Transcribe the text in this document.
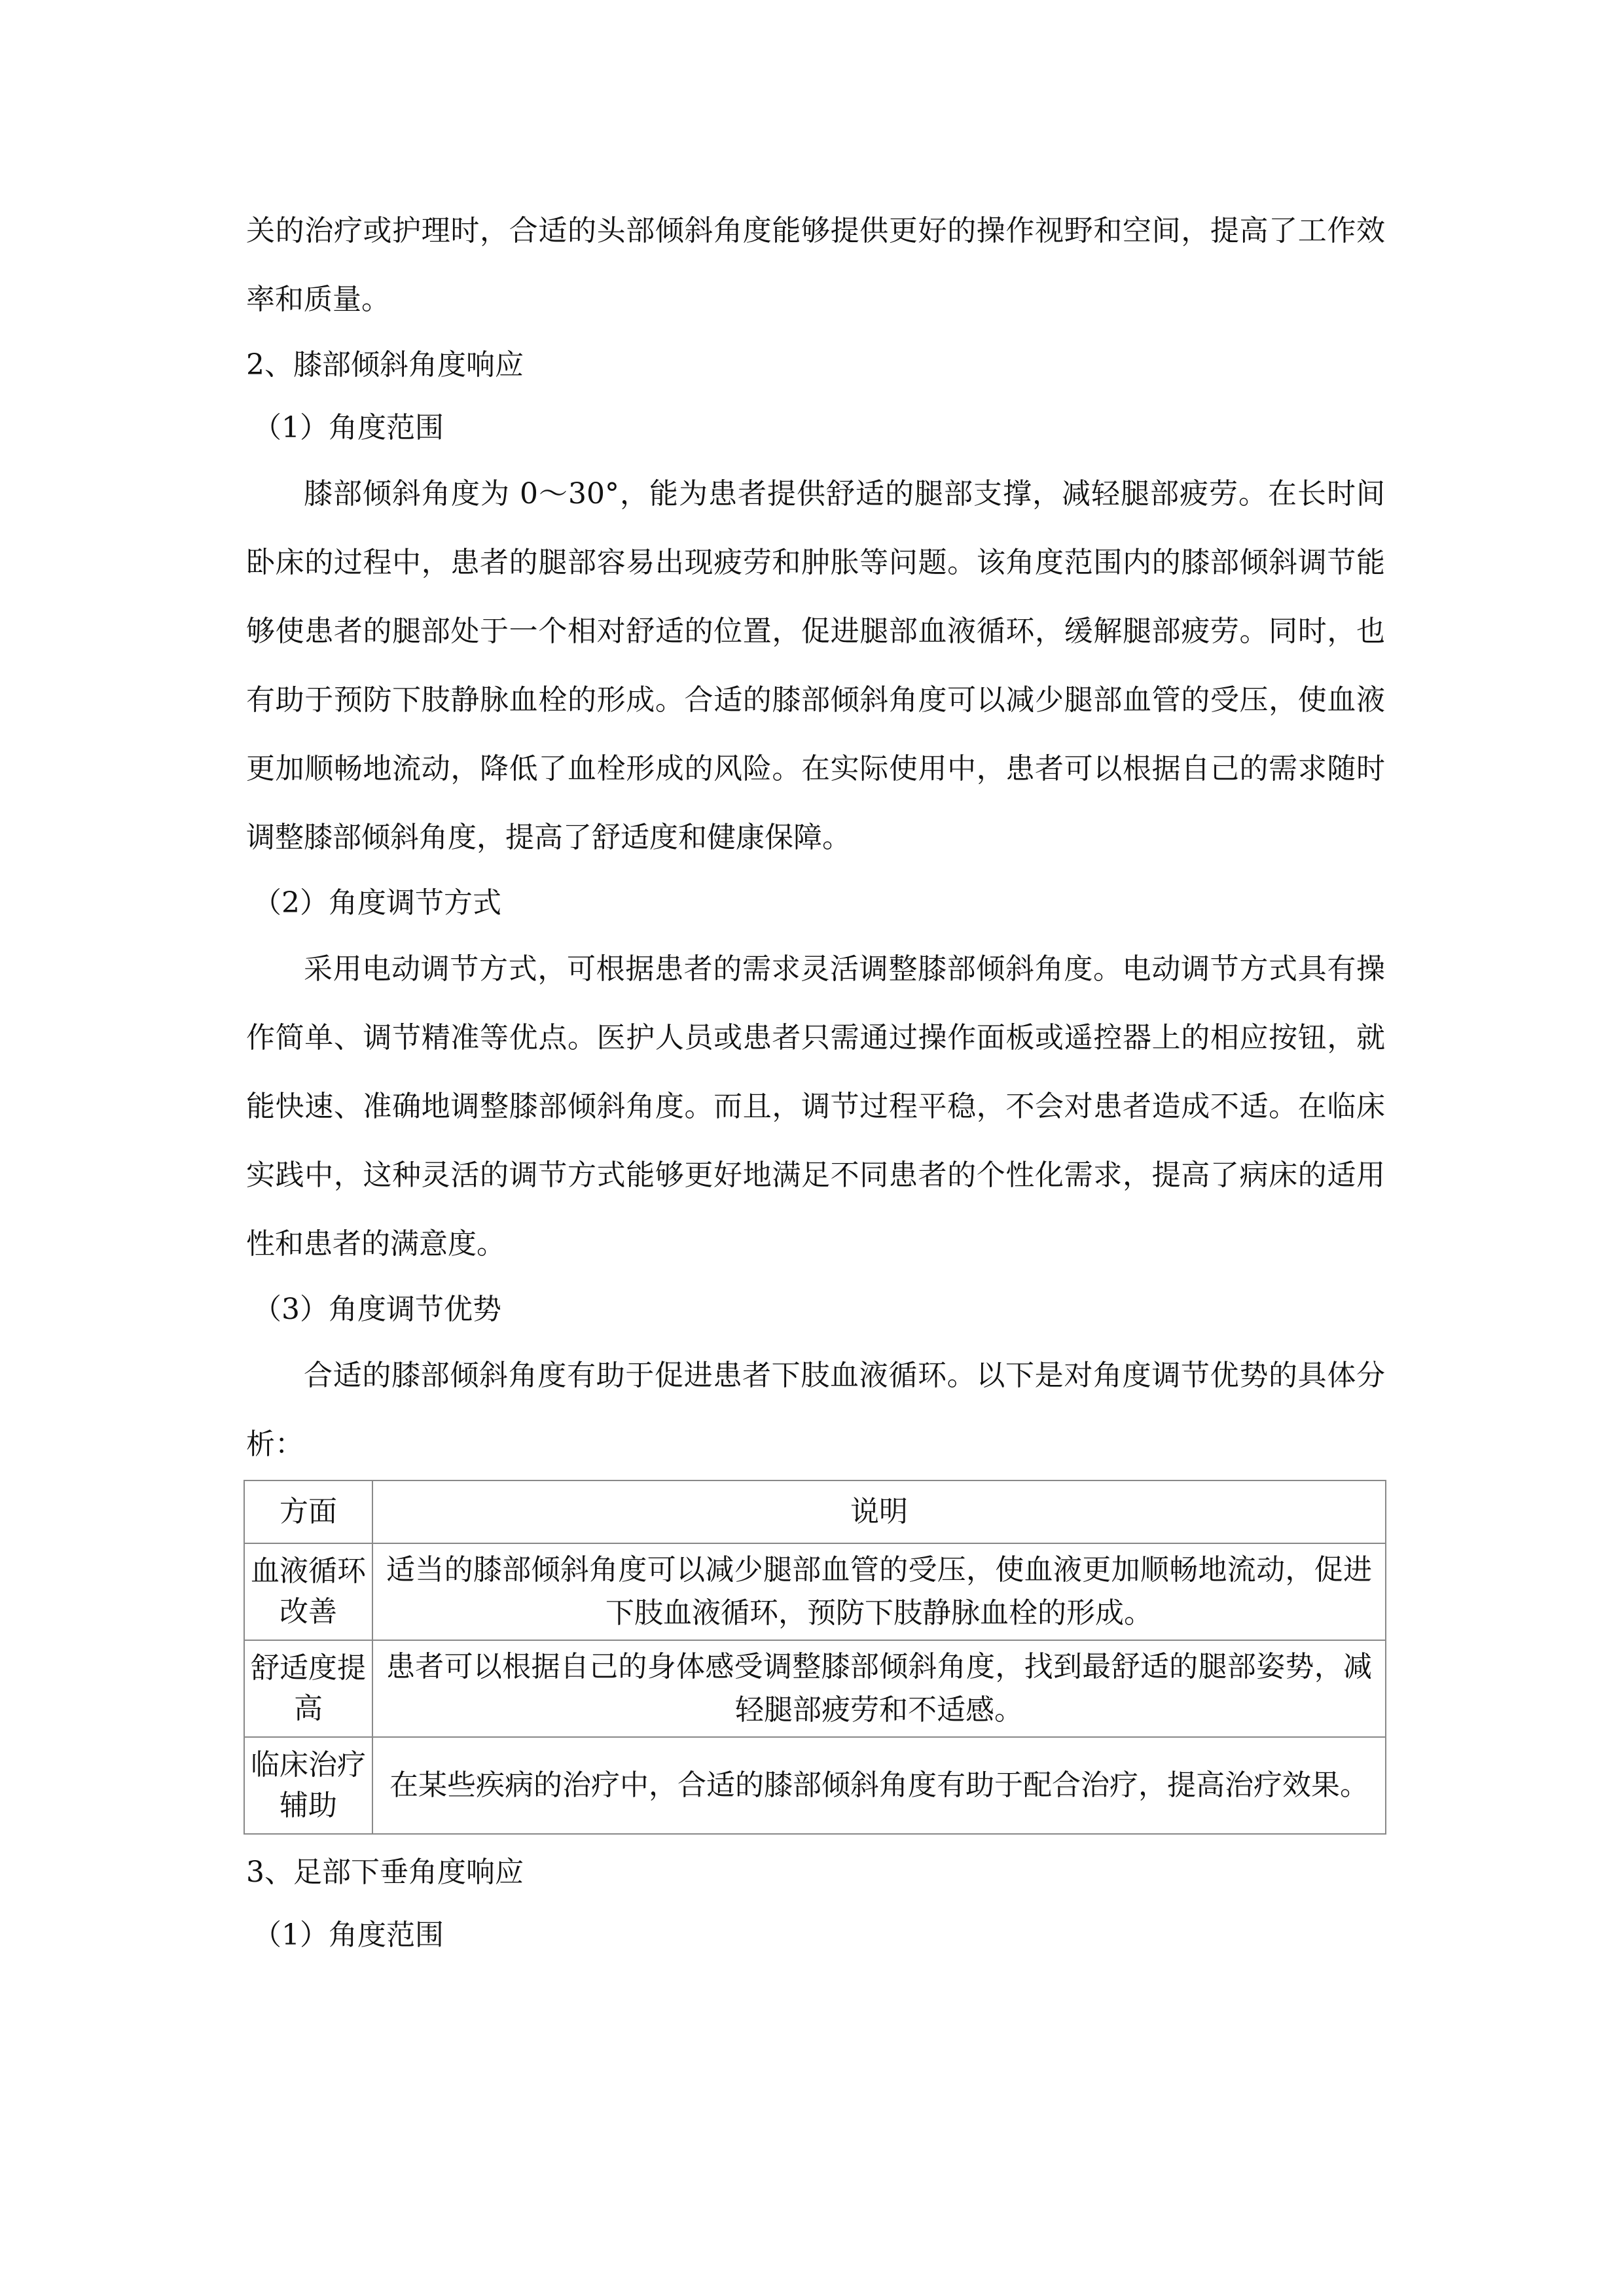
关的治疗或护理时，合适的头部倾斜角度能够提供更好的操作视野和空间，提高了工作效率和质量。

2、膝部倾斜角度响应

（1）角度范围

膝部倾斜角度为 0～30°，能为患者提供舒适的腿部支撑，减轻腿部疲劳。在长时间卧床的过程中，患者的腿部容易出现疲劳和肿胀等问题。该角度范围内的膝部倾斜调节能够使患者的腿部处于一个相对舒适的位置，促进腿部血液循环，缓解腿部疲劳。同时，也有助于预防下肢静脉血栓的形成。合适的膝部倾斜角度可以减少腿部血管的受压，使血液更加顺畅地流动，降低了血栓形成的风险。在实际使用中，患者可以根据自己的需求随时调整膝部倾斜角度，提高了舒适度和健康保障。

（2）角度调节方式

采用电动调节方式，可根据患者的需求灵活调整膝部倾斜角度。电动调节方式具有操作简单、调节精准等优点。医护人员或患者只需通过操作面板或遥控器上的相应按钮，就能快速、准确地调整膝部倾斜角度。而且，调节过程平稳，不会对患者造成不适。在临床实践中，这种灵活的调节方式能够更好地满足不同患者的个性化需求，提高了病床的适用性和患者的满意度。

（3）角度调节优势

合适的膝部倾斜角度有助于促进患者下肢血液循环。以下是对角度调节优势的具体分析：

方面	说明
血液循环改善	适当的膝部倾斜角度可以减少腿部血管的受压，使血液更加顺畅地流动，促进下肢血液循环，预防下肢静脉血栓的形成。
舒适度提高	患者可以根据自己的身体感受调整膝部倾斜角度，找到最舒适的腿部姿势，减轻腿部疲劳和不适感。
临床治疗辅助	在某些疾病的治疗中，合适的膝部倾斜角度有助于配合治疗，提高治疗效果。

3、足部下垂角度响应

（1）角度范围
